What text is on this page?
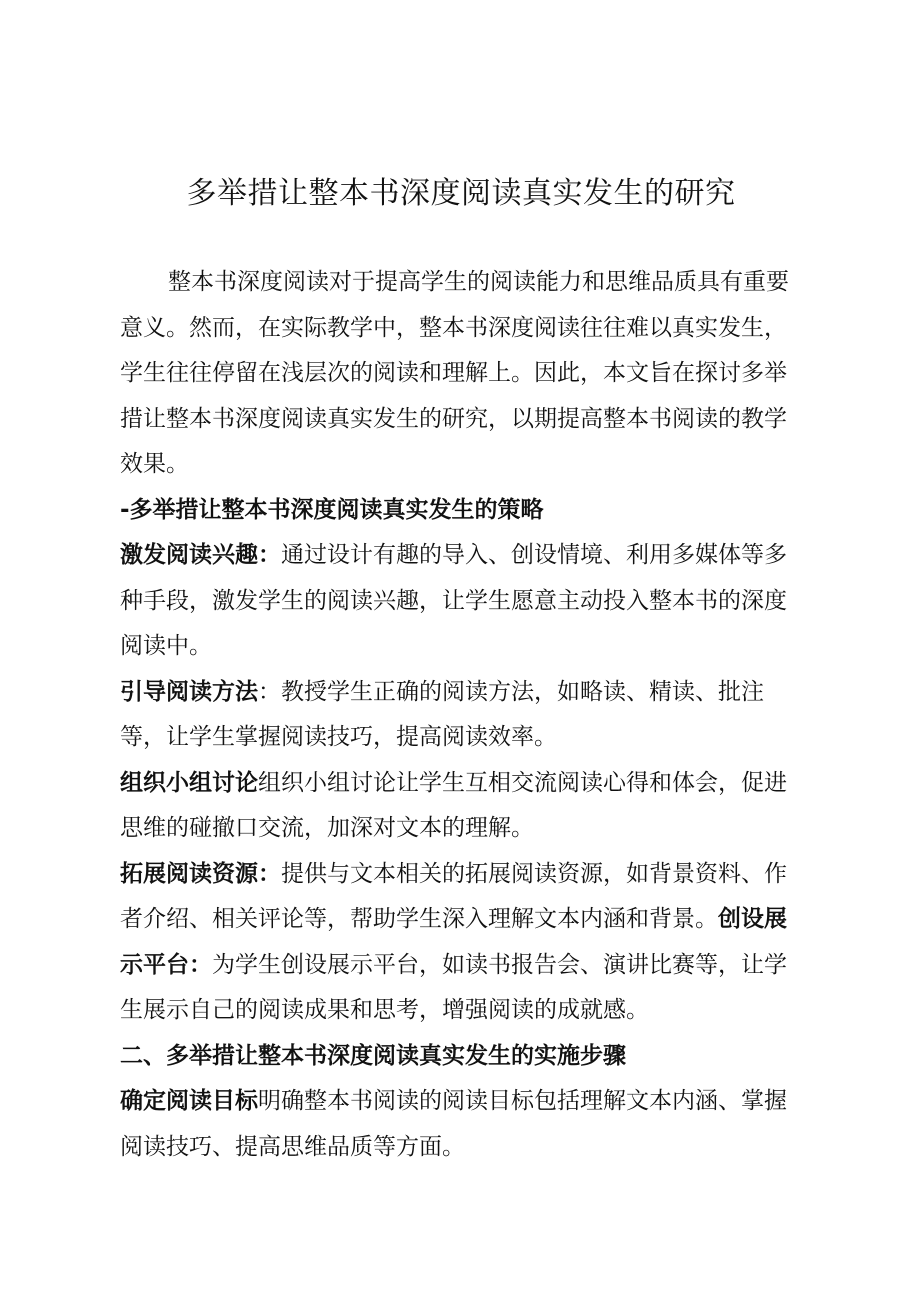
多举措让整本书深度阅读真实发生的研究

整本书深度阅读对于提高学生的阅读能力和思维品质具有重要意义。然而，在实际教学中，整本书深度阅读往往难以真实发生，学生往往停留在浅层次的阅读和理解上。因此，本文旨在探讨多举措让整本书深度阅读真实发生的研究，以期提高整本书阅读的教学效果。

-多举措让整本书深度阅读真实发生的策略

激发阅读兴趣：通过设计有趣的导入、创设情境、利用多媒体等多种手段，激发学生的阅读兴趣，让学生愿意主动投入整本书的深度阅读中。

引导阅读方法：教授学生正确的阅读方法，如略读、精读、批注等，让学生掌握阅读技巧，提高阅读效率。

组织小组讨论组织小组讨论让学生互相交流阅读心得和体会，促进思维的碰撤口交流，加深对文本的理解。

拓展阅读资源：提供与文本相关的拓展阅读资源，如背景资料、作者介绍、相关评论等，帮助学生深入理解文本内涵和背景。创设展示平台：为学生创设展示平台，如读书报告会、演讲比赛等，让学生展示自己的阅读成果和思考，增强阅读的成就感。

二、多举措让整本书深度阅读真实发生的实施步骤

确定阅读目标明确整本书阅读的阅读目标包括理解文本内涵、掌握阅读技巧、提高思维品质等方面。
